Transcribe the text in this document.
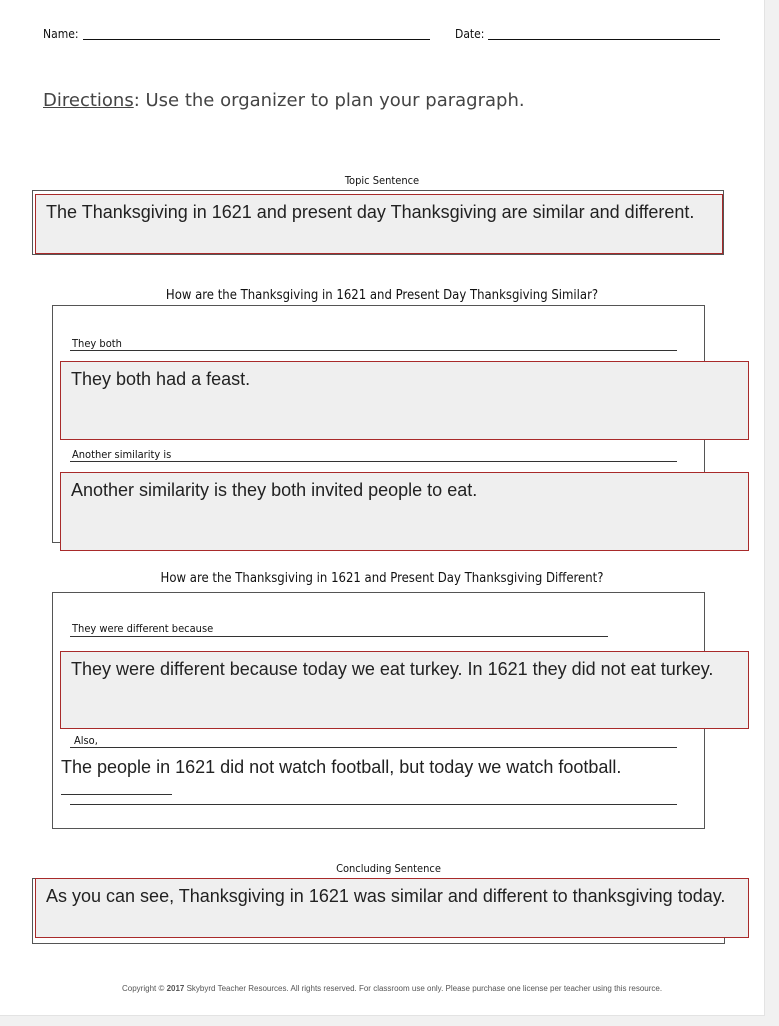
Name:	Date:
Directions: Use the organizer to plan your paragraph.
Topic Sentence
The Thanksgiving in 1621 and present day Thanksgiving are similar and different.
How are the Thanksgiving in 1621 and Present Day Thanksgiving Similar?
They both
They both had a feast.
Another similarity is
Another similarity is they both invited people to eat.
How are the Thanksgiving in 1621 and Present Day Thanksgiving Different?
They were different because
They were different because today we eat turkey. In 1621 they did not eat turkey.
Also,
The people in 1621 did not watch football, but today we watch football.
Concluding Sentence
As you can see, Thanksgiving in 1621 was similar and different to thanksgiving today.
Copyright © 2017 Skybyrd Teacher Resources. All rights reserved. For classroom use only. Please purchase one license per teacher using this resource.
